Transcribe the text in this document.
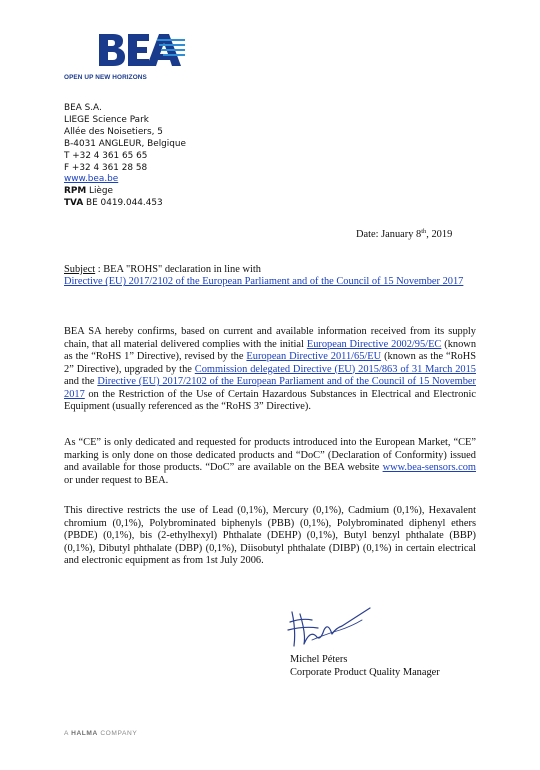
OPEN UP NEW HORIZONS
BEA S.A.
LIEGE Science Park
Allée des Noisetiers, 5
B-4031 ANGLEUR, Belgique
T +32 4 361 65 65
F +32 4 361 28 58
www.bea.be
RPM Liège
TVA BE 0419.044.453
Date: January 8th, 2019
Subject : BEA "ROHS" declaration in line with
Directive (EU) 2017/2102 of the European Parliament and of the Council of 15 November 2017
BEA SA hereby confirms, based on current and available information received from its supply chain, that all material delivered complies with the initial European Directive 2002/95/EC (known as the “RoHS 1” Directive), revised by the European Directive 2011/65/EU (known as the “RoHS 2” Directive), upgraded by the Commission delegated Directive (EU) 2015/863 of 31 March 2015 and the Directive (EU) 2017/2102 of the European Parliament and of the Council of 15 November 2017 on the Restriction of the Use of Certain Hazardous Substances in Electrical and Electronic Equipment (usually referenced as the “RoHS 3” Directive).
As “CE” is only dedicated and requested for products introduced into the European Market, “CE” marking is only done on those dedicated products and “DoC” (Declaration of Conformity) issued and available for those products. “DoC” are available on the BEA website www.bea-sensors.com or under request to BEA.
This directive restricts the use of Lead (0,1%), Mercury (0,1%), Cadmium (0,1%), Hexavalent chromium (0,1%), Polybrominated biphenyls (PBB) (0,1%), Polybrominated diphenyl ethers (PBDE) (0,1%), bis (2-ethylhexyl) Phthalate (DEHP) (0,1%), Butyl benzyl phthalate (BBP) (0,1%), Dibutyl phthalate (DBP) (0,1%), Diisobutyl phthalate (DIBP) (0,1%) in certain electrical and electronic equipment as from 1st July 2006.
Michel Péters
Corporate Product Quality Manager
A HALMA COMPANY
